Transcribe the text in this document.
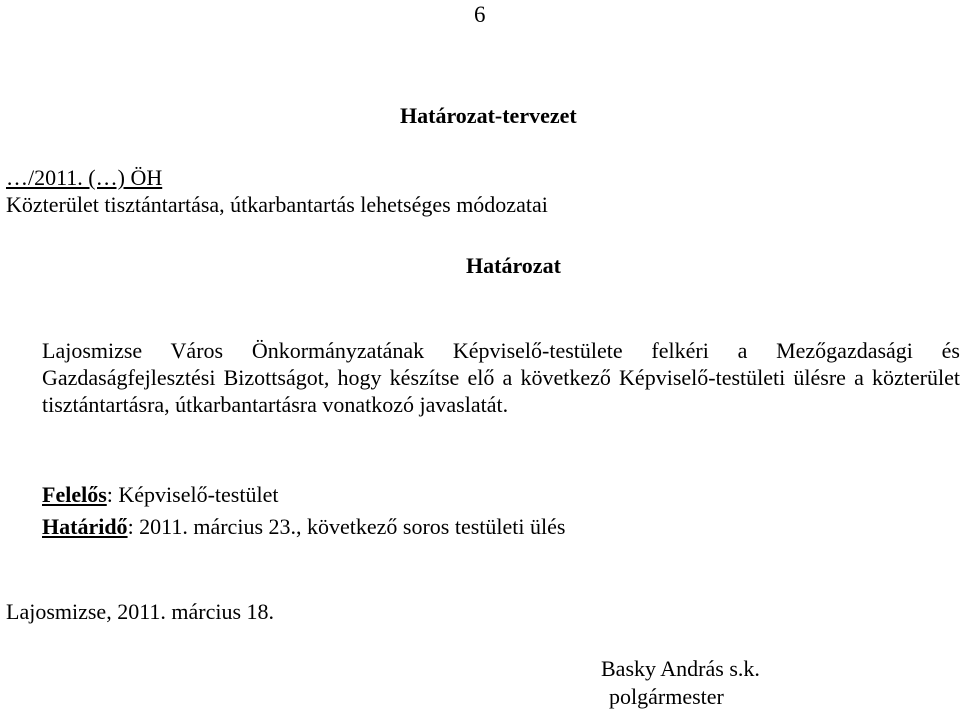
6
Határozat-tervezet
…/2011. (…) ÖH
Közterület tisztántartása, útkarbantartás lehetséges módozatai
Határozat
Lajosmizse Város Önkormányzatának Képviselő-testülete felkéri a Mezőgazdasági és Gazdaságfejlesztési Bizottságot, hogy készítse elő a következő Képviselő-testületi ülésre a közterület tisztántartásra, útkarbantartásra vonatkozó javaslatát.
Felelős: Képviselő-testület
Határidő: 2011. március 23., következő soros testületi ülés
Lajosmizse, 2011. március 18.
Basky András s.k.
polgármester
